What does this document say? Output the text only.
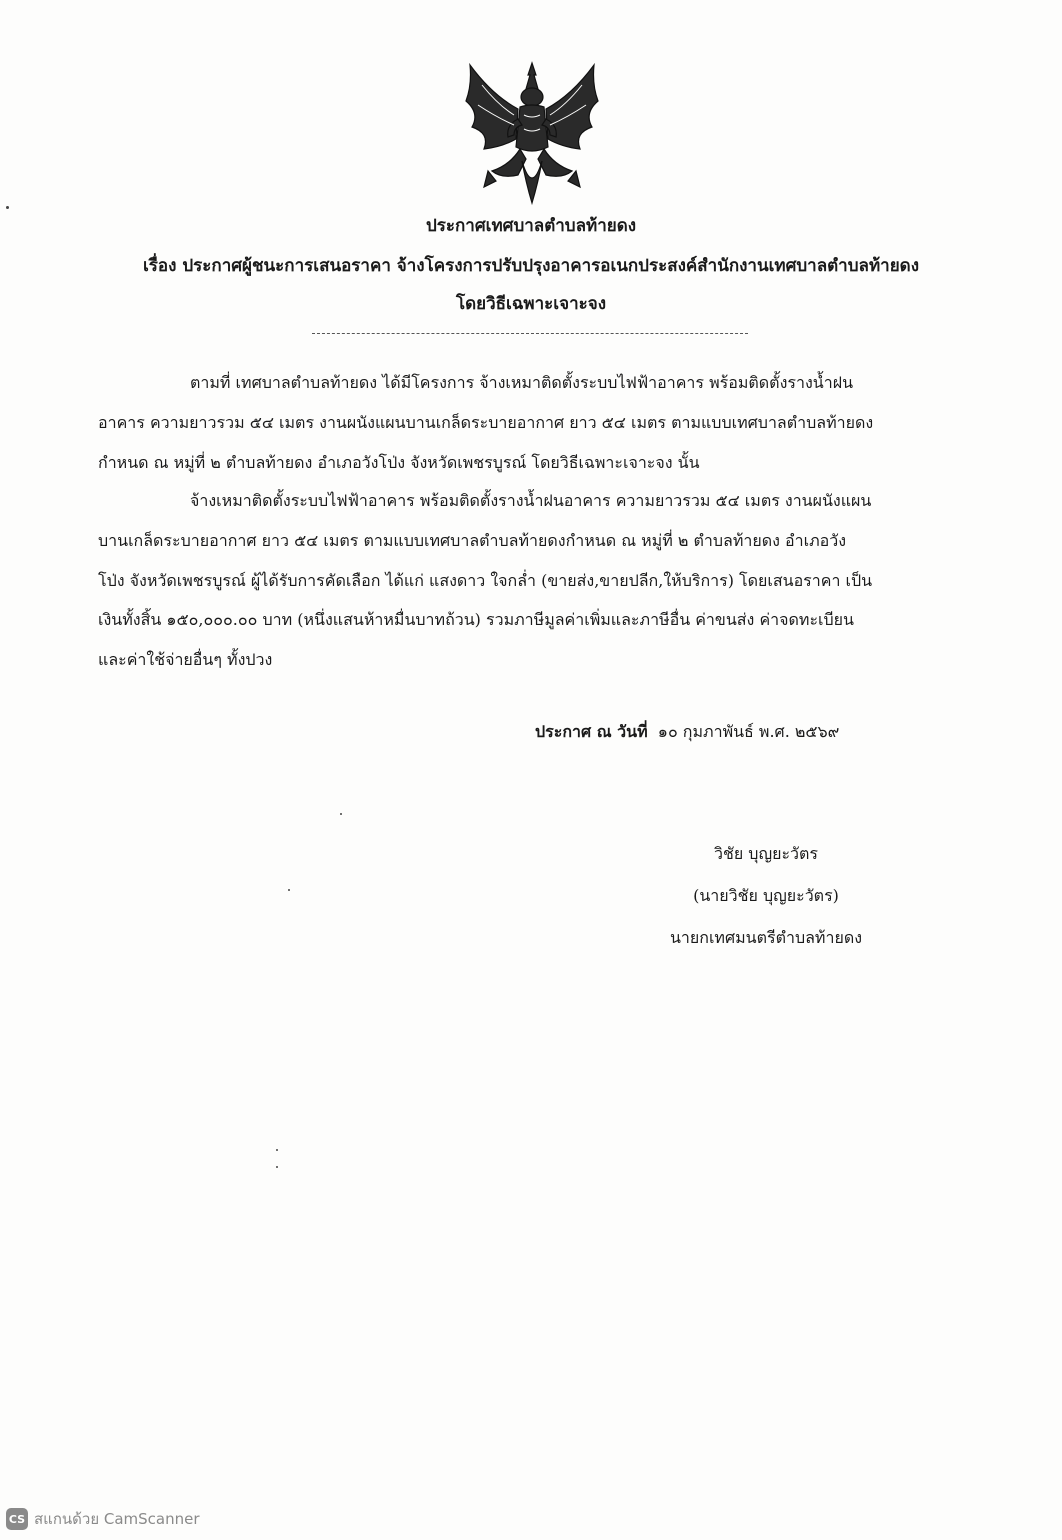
ประกาศเทศบาลตำบลท้ายดง
เรื่อง ประกาศผู้ชนะการเสนอราคา จ้างโครงการปรับปรุงอาคารอเนกประสงค์สำนักงานเทศบาลตำบลท้ายดง
โดยวิธีเฉพาะเจาะจง
ตามที่ เทศบาลตำบลท้ายดง ได้มีโครงการ จ้างเหมาติดตั้งระบบไฟฟ้าอาคาร พร้อมติดตั้งรางน้ำฝน
อาคาร ความยาวรวม ๕๔ เมตร งานผนังแผนบานเกล็ดระบายอากาศ ยาว ๕๔ เมตร ตามแบบเทศบาลตำบลท้ายดง
กำหนด ณ หมู่ที่ ๒ ตำบลท้ายดง อำเภอวังโป่ง จังหวัดเพชรบูรณ์ โดยวิธีเฉพาะเจาะจง นั้น
จ้างเหมาติดตั้งระบบไฟฟ้าอาคาร พร้อมติดตั้งรางน้ำฝนอาคาร ความยาวรวม ๕๔ เมตร งานผนังแผน
บานเกล็ดระบายอากาศ ยาว ๕๔ เมตร ตามแบบเทศบาลตำบลท้ายดงกำหนด ณ หมู่ที่ ๒ ตำบลท้ายดง อำเภอวัง
โป่ง จังหวัดเพชรบูรณ์ ผู้ได้รับการคัดเลือก ได้แก่ แสงดาว ใจกล่ำ (ขายส่ง,ขายปลีก,ให้บริการ) โดยเสนอราคา เป็น
เงินทั้งสิ้น ๑๕๐,๐๐๐.๐๐ บาท (หนึ่งแสนห้าหมื่นบาทถ้วน) รวมภาษีมูลค่าเพิ่มและภาษีอื่น ค่าขนส่ง ค่าจดทะเบียน
และค่าใช้จ่ายอื่นๆ ทั้งปวง
ประกาศ ณ วันที่ ๑๐ กุมภาพันธ์ พ.ศ. ๒๕๖๙
วิชัย บุญยะวัตร
(นายวิชัย บุญยะวัตร)
นายกเทศมนตรีตำบลท้ายดง
CS สแกนด้วย CamScanner
